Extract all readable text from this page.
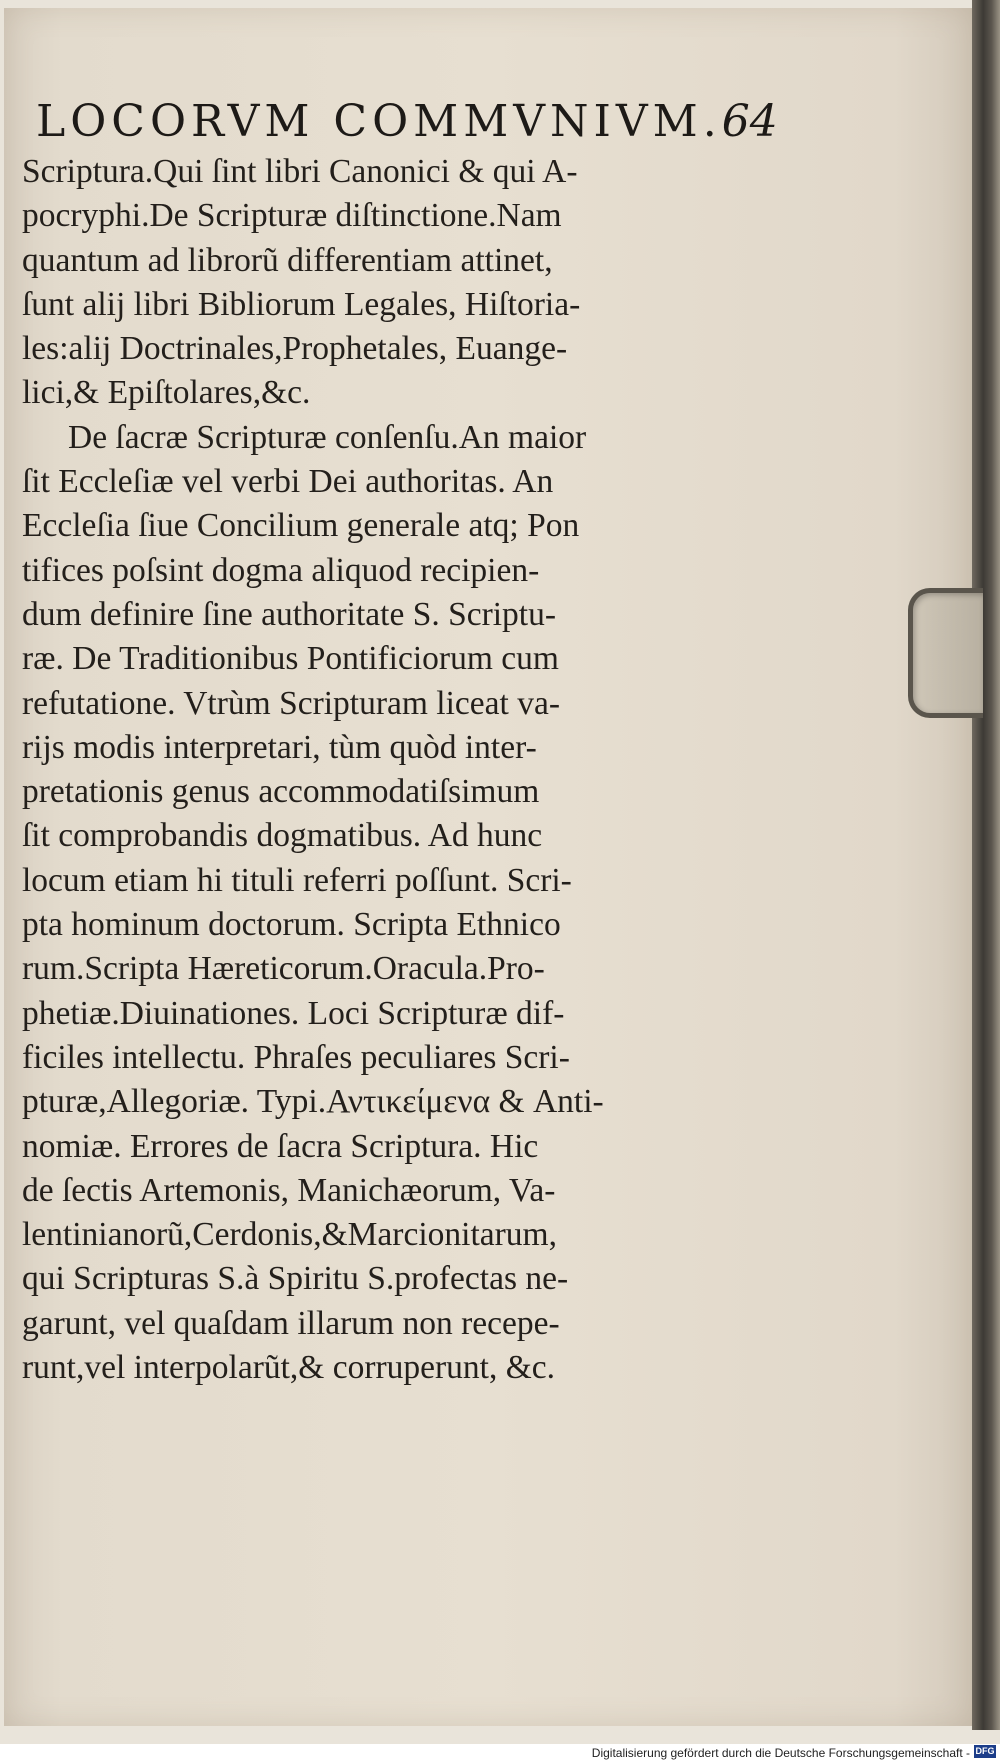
LOCORVM COMMVNIVM.64
Scriptura.Qui ſint libri Canonici & qui A-
pocryphi.De Scripturæ diſtinctione.Nam
quantum ad librorũ differentiam attinet,
ſunt alij libri Bibliorum Legales, Hiſtoria-
les:alij Doctrinales,Prophetales, Euange-
lici,& Epiſtolares,&c.
De ſacræ Scripturæ conſenſu.An maior
ſit Eccleſiæ vel verbi Dei authoritas. An
Eccleſia ſiue Concilium generale atq; Pon
tifices poſsint dogma aliquod recipien-
dum definire ſine authoritate S. Scriptu-
ræ. De Traditionibus Pontificiorum cum
refutatione. Vtrùm Scripturam liceat va-
rijs modis interpretari, tùm quòd inter-
pretationis genus accommodatiſsimum
ſit comprobandis dogmatibus. Ad hunc
locum etiam hi tituli referri poſſunt. Scri-
pta hominum doctorum. Scripta Ethnico
rum.Scripta Hæreticorum.Oracula.Pro-
phetiæ.Diuinationes. Loci Scripturæ dif-
ficiles intellectu. Phraſes peculiares Scri-
pturæ,Allegoriæ. Typi.Αντικείμενα & Anti-
nomiæ. Errores de ſacra Scriptura. Hic
de ſectis Artemonis, Manichæorum, Va-
lentinianorũ,Cerdonis,&Marcionitarum,
qui Scripturas S.à Spiritu S.profectas ne-
garunt, vel quaſdam illarum non recepe-
runt,vel interpolarũt,& corruperunt, &c.
Digitalisierung gefördert durch die Deutsche Forschungsgemeinschaft - DFG
